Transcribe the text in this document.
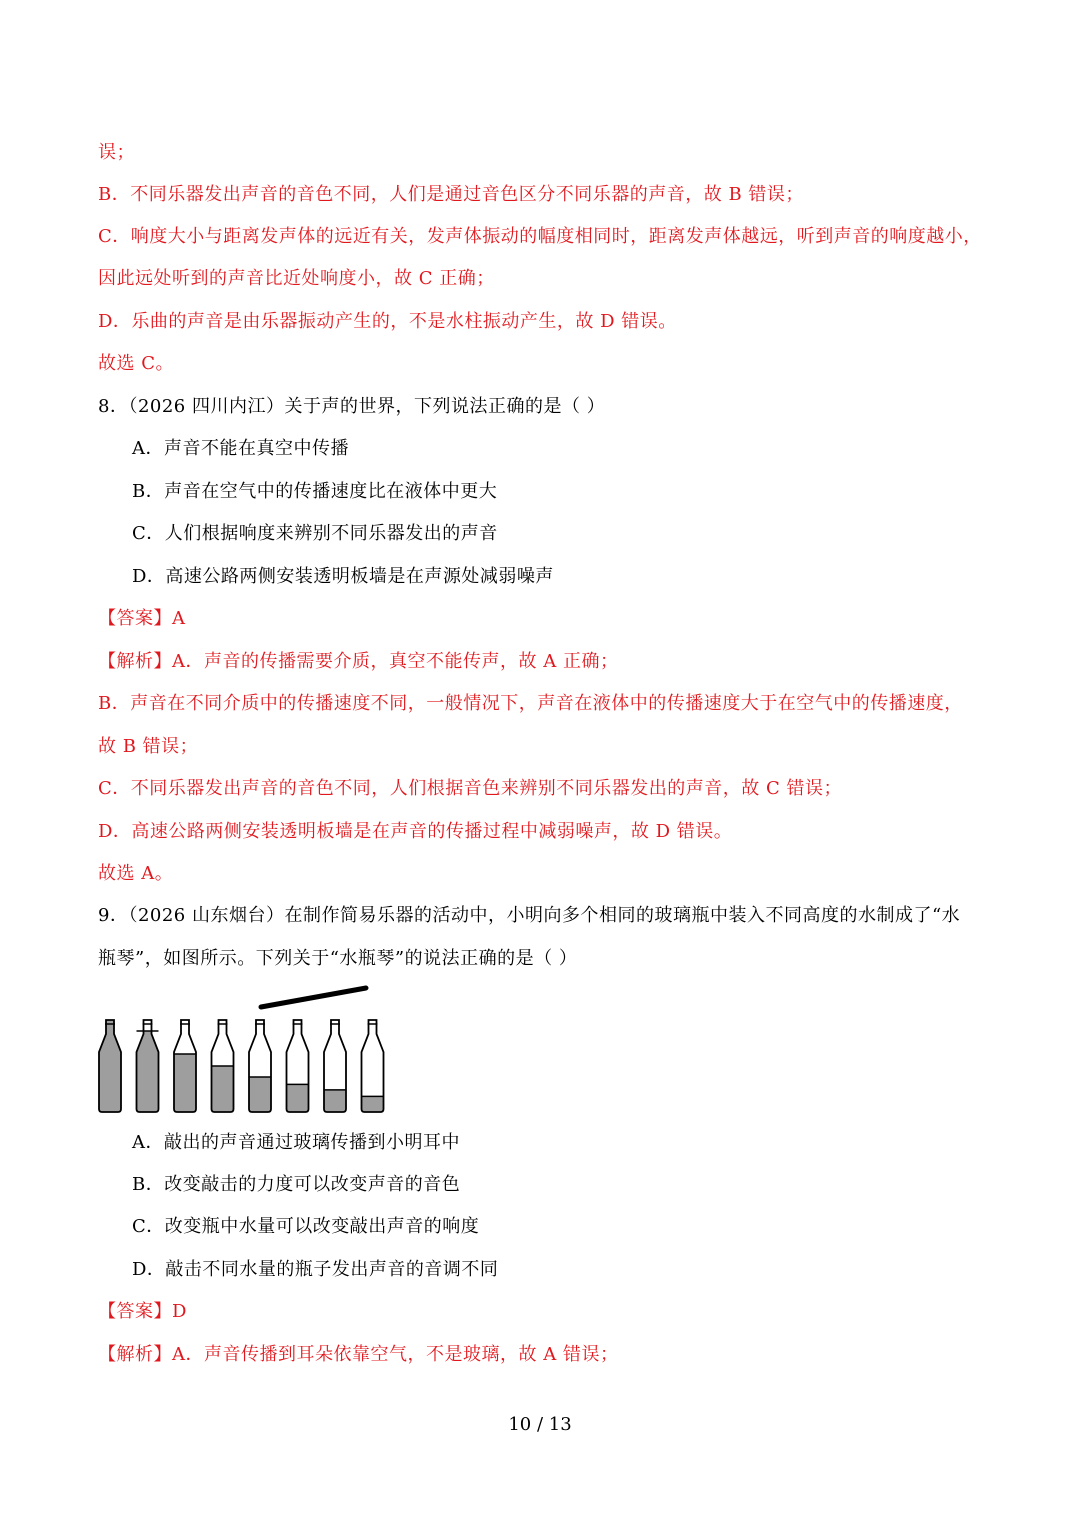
误；
B．不同乐器发出声音的音色不同，人们是通过音色区分不同乐器的声音，故 B 错误；
C．响度大小与距离发声体的远近有关，发声体振动的幅度相同时，距离发声体越远，听到声音的响度越小，
因此远处听到的声音比近处响度小，故 C 正确；
D．乐曲的声音是由乐器振动产生的，不是水柱振动产生，故 D 错误。
故选 C。
8．（2026 四川内江）关于声的世界，下列说法正确的是（ ）
A．声音不能在真空中传播
B．声音在空气中的传播速度比在液体中更大
C．人们根据响度来辨别不同乐器发出的声音
D．高速公路两侧安装透明板墙是在声源处减弱噪声
【答案】A
【解析】A．声音的传播需要介质，真空不能传声，故 A 正确；
B．声音在不同介质中的传播速度不同，一般情况下，声音在液体中的传播速度大于在空气中的传播速度，
故 B 错误；
C．不同乐器发出声音的音色不同，人们根据音色来辨别不同乐器发出的声音，故 C 错误；
D．高速公路两侧安装透明板墙是在声音的传播过程中减弱噪声，故 D 错误。
故选 A。
9．（2026 山东烟台）在制作简易乐器的活动中，小明向多个相同的玻璃瓶中装入不同高度的水制成了“水
瓶琴”，如图所示。下列关于“水瓶琴”的说法正确的是（ ）
A．敲出的声音通过玻璃传播到小明耳中
B．改变敲击的力度可以改变声音的音色
C．改变瓶中水量可以改变敲出声音的响度
D．敲击不同水量的瓶子发出声音的音调不同
【答案】D
【解析】A．声音传播到耳朵依靠空气，不是玻璃，故 A 错误；
10 / 13
